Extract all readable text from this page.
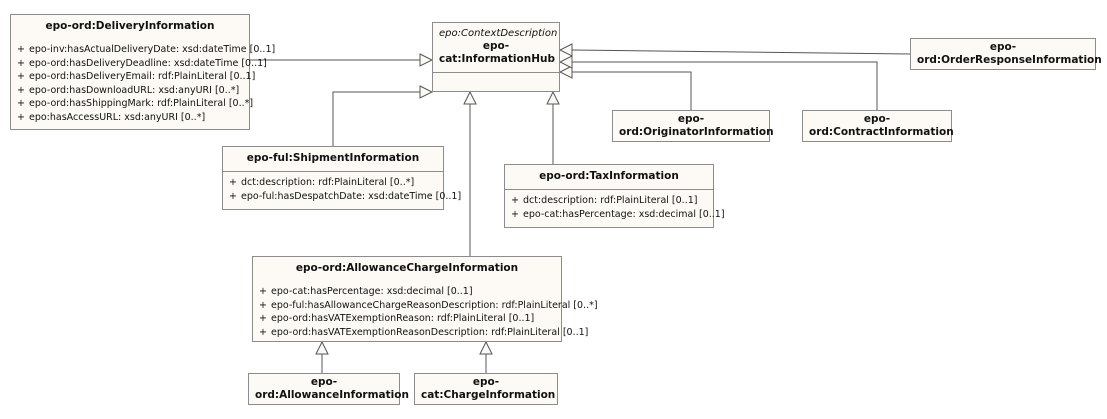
epo-ord:DeliveryInformation
+ epo-inv:hasActualDeliveryDate: xsd:dateTime [0..1]
+ epo-ord:hasDeliveryDeadline: xsd:dateTime [0..1]
+ epo-ord:hasDeliveryEmail: rdf:PlainLiteral [0..1]
+ epo-ord:hasDownloadURL: xsd:anyURI [0..*]
+ epo-ord:hasShippingMark: rdf:PlainLiteral [0..*]
+ epo:hasAccessURL: xsd:anyURI [0..*]
epo:ContextDescription
epo-cat:InformationHub
epo-ord:OrderResponseInformation
epo-ord:OriginatorInformation
epo-ord:ContractInformation
epo-ful:ShipmentInformation
+ dct:description: rdf:PlainLiteral [0..*]
+ epo-ful:hasDespatchDate: xsd:dateTime [0..1]
epo-ord:TaxInformation
+ dct:description: rdf:PlainLiteral [0..1]
+ epo-cat:hasPercentage: xsd:decimal [0..1]
epo-ord:AllowanceChargeInformation
+ epo-cat:hasPercentage: xsd:decimal [0..1]
+ epo-ful:hasAllowanceChargeReasonDescription: rdf:PlainLiteral [0..*]
+ epo-ord:hasVATExemptionReason: rdf:PlainLiteral [0..1]
+ epo-ord:hasVATExemptionReasonDescription: rdf:PlainLiteral [0..1]
epo-ord:AllowanceInformation
epo-cat:ChargeInformation
